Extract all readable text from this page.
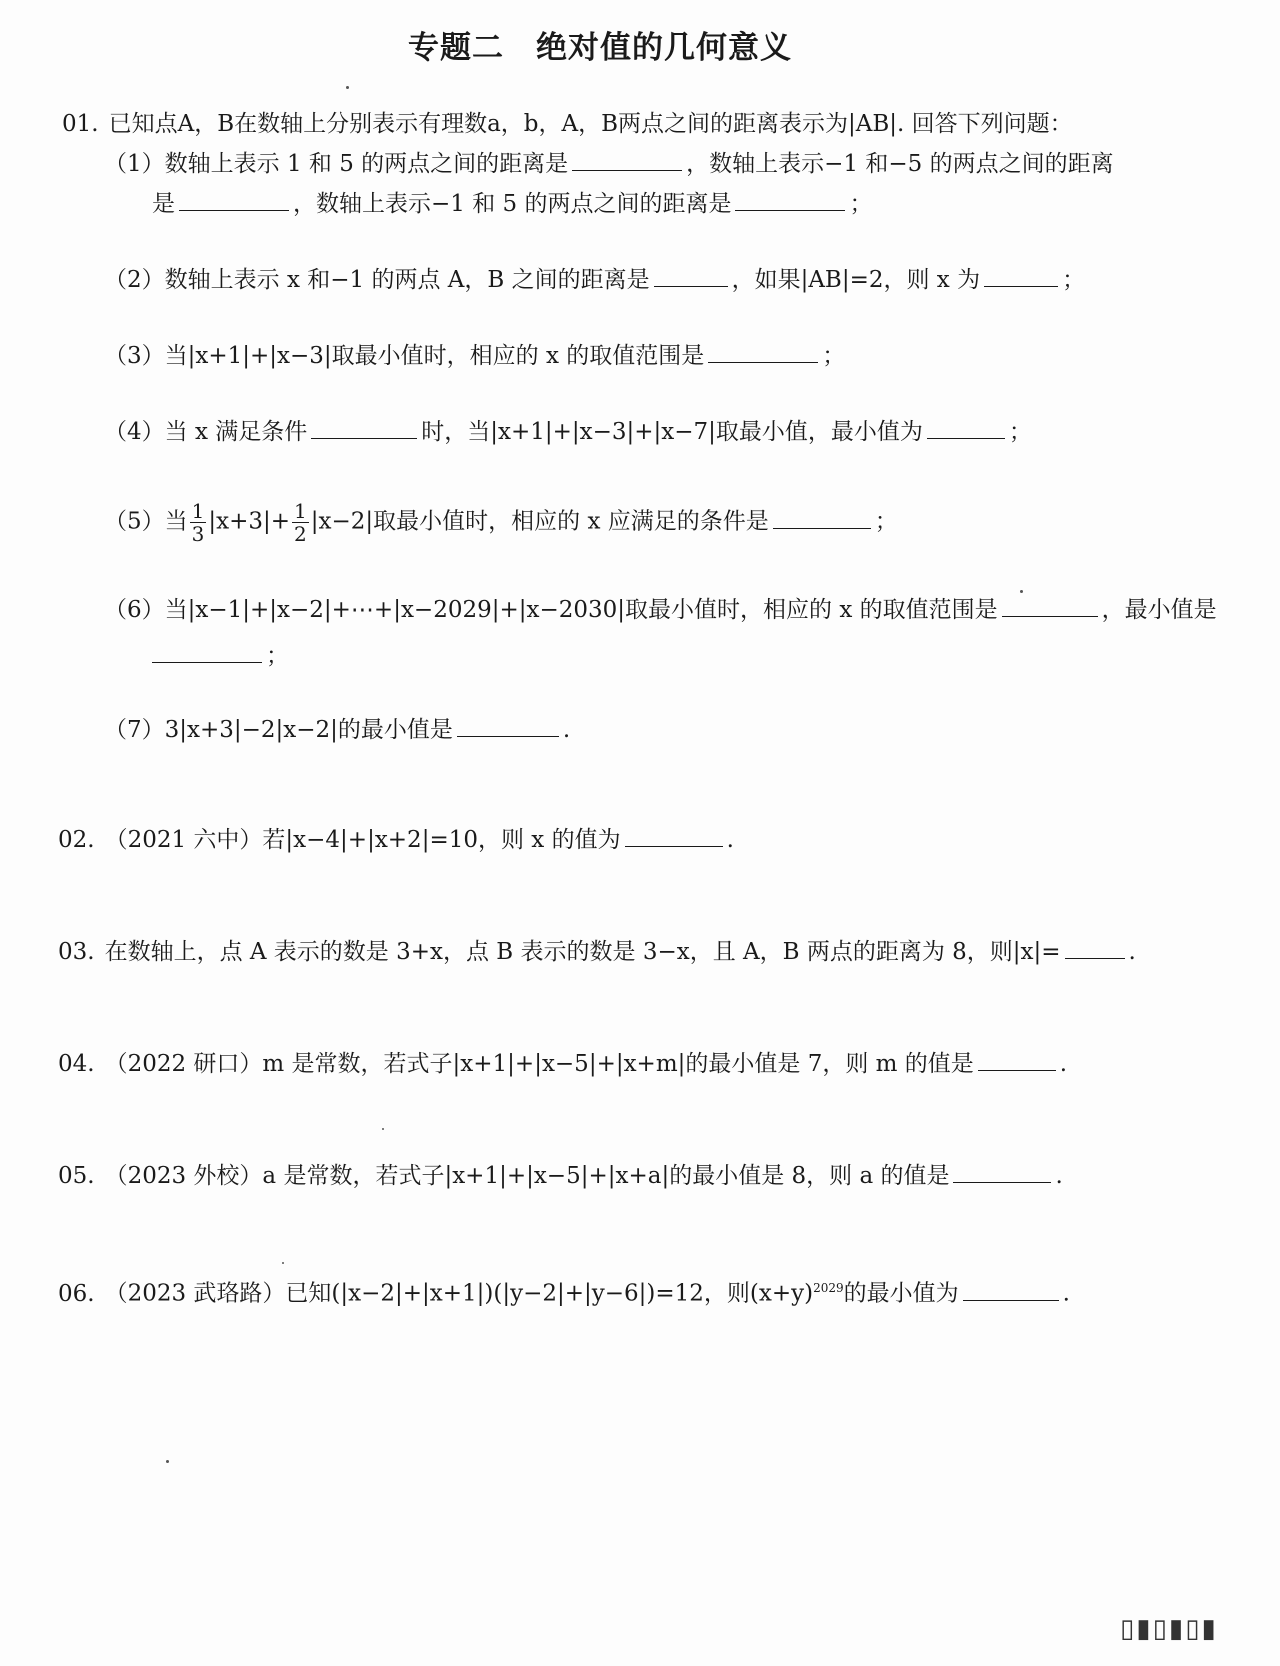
专题二　绝对值的几何意义
01. 已知点A，B在数轴上分别表示有理数a，b，A，B两点之间的距离表示为|AB|. 回答下列问题：
（1）数轴上表示 1 和 5 的两点之间的距离是	，数轴上表示−1 和−5 的两点之间的距离
是	，数轴上表示−1 和 5 的两点之间的距离是	；
（2）数轴上表示 x 和−1 的两点 A，B 之间的距离是	，如果|AB|=2，则 x 为	；
（3）当|x+1|+|x−3|取最小值时，相应的 x 的取值范围是	；
（4）当 x 满足条件	时，当|x+1|+|x−3|+|x−7|取最小值，最小值为	；
（5）当 $\frac{1}{3} |x+3|+ \frac{1}{2} |x-2|$取最小值时，相应的 x 应满足的条件是	；
（6）当|x−1|+|x−2|+⋯+|x−2029|+|x−2030|取最小值时，相应的 x 的取值范围是	，最小值是
；
（7）3|x+3|−2|x−2|的最小值是	.
02. （2021 六中）若|x−4|+|x+2|=10，则 x 的值为	.
03. 在数轴上，点 A 表示的数是 3+x，点 B 表示的数是 3−x，且 A，B 两点的距离为 8，则|x|=	.
04. （2022 研口）m 是常数，若式子|x+1|+|x−5|+|x+m|的最小值是 7，则 m 的值是	.
05. （2023 外校）a 是常数，若式子|x+1|+|x−5|+|x+a|的最小值是 8，则 a 的值是	.
06. （2023 武珞路）已知(|x−2|+|x+1|)(|y−2|+|y−6|)=12，则$(x+y)^{2029}$的最小值为	.
▯▮▯▮▯▮
